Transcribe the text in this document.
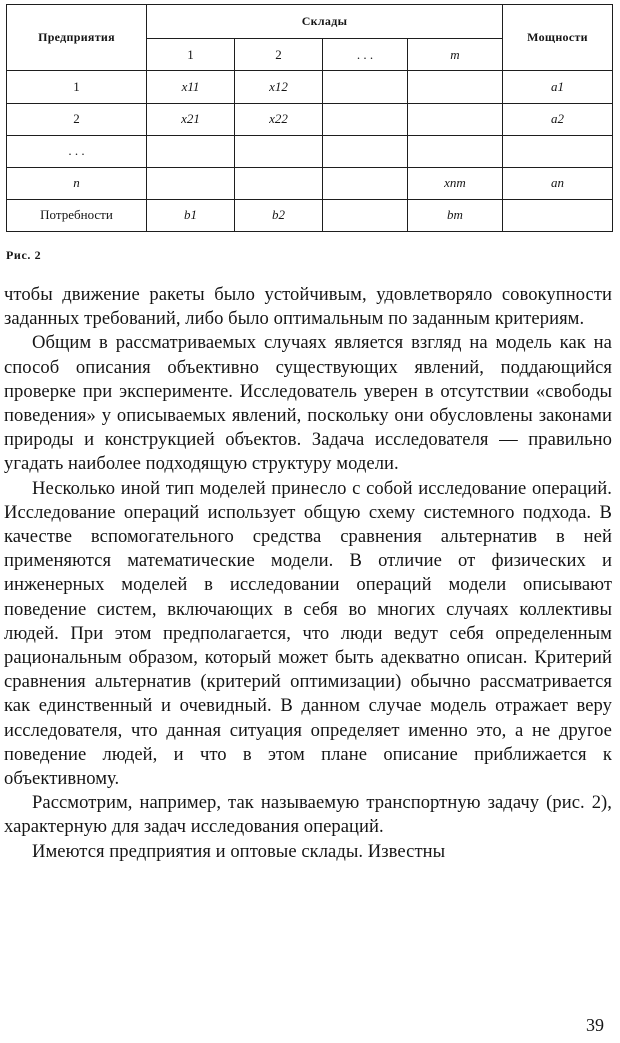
Предприятия	Склады				Мощности
	1	2	. . .	m	
1	x11	x12			a1
2	x21	x22			a2
. . .					
n				xnm	an
Потребности	b1	b2		bm	
Рис. 2

чтобы движение ракеты было устойчивым, удовлетворяло совокупности заданных требований, либо было оптимальным по заданным критериям.

Общим в рассматриваемых случаях является взгляд на модель как на способ описания объективно существующих явлений, поддающийся проверке при эксперименте. Исследователь уверен в отсутствии «свободы поведения» у описываемых явлений, поскольку они обусловлены законами природы и конструкцией объектов. Задача исследователя — правильно угадать наиболее подходящую структуру модели.

Несколько иной тип моделей принесло с собой исследование операций. Исследование операций использует общую схему системного подхода. В качестве вспомогательного средства сравнения альтернатив в ней применяются математические модели. В отличие от физических и инженерных моделей в исследовании операций модели описывают поведение систем, включающих в себя во многих случаях коллективы людей. При этом предполагается, что люди ведут себя определенным рациональным образом, который может быть адекватно описан. Критерий сравнения альтернатив (критерий оптимизации) обычно рассматривается как единственный и очевидный. В данном случае модель отражает веру исследователя, что данная ситуация определяет именно это, а не другое поведение людей, и что в этом плане описание приближается к объективному.

Рассмотрим, например, так называемую транспортную задачу (рис. 2), характерную для задач исследования операций.

Имеются предприятия и оптовые склады. Известны

39
